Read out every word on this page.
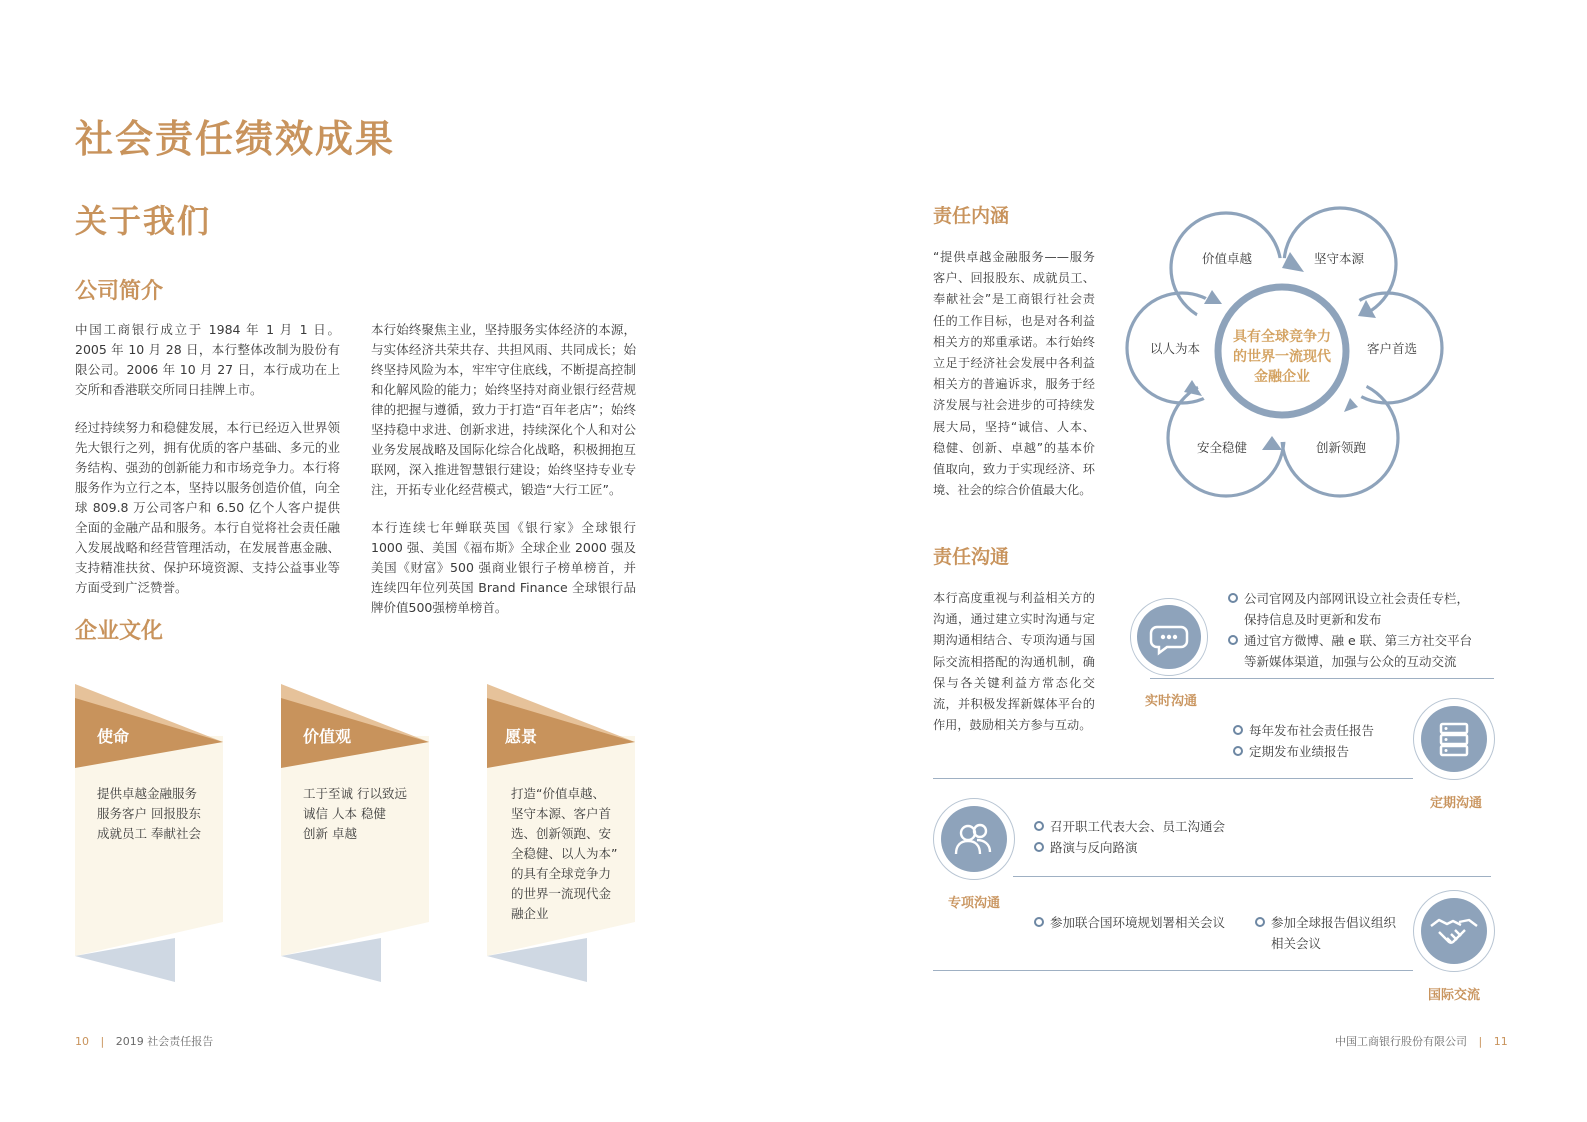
社会责任绩效成果
关于我们
公司简介

中国工商银行成立于 1984 年 1 月 1 日。2005 年 10 月 28 日，本行整体改制为股份有限公司。2006 年 10 月 27 日，本行成功在上交所和香港联交所同日挂牌上市。

经过持续努力和稳健发展，本行已经迈入世界领先大银行之列，拥有优质的客户基础、多元的业务结构、强劲的创新能力和市场竞争力。本行将服务作为立行之本，坚持以服务创造价值，向全球 809.8 万公司客户和 6.50 亿个人客户提供全面的金融产品和服务。本行自觉将社会责任融入发展战略和经营管理活动，在发展普惠金融、支持精准扶贫、保护环境资源、支持公益事业等方面受到广泛赞誉。

本行始终聚焦主业，坚持服务实体经济的本源，与实体经济共荣共存、共担风雨、共同成长；始终坚持风险为本，牢牢守住底线，不断提高控制和化解风险的能力；始终坚持对商业银行经营规律的把握与遵循，致力于打造“百年老店”；始终坚持稳中求进、创新求进，持续深化个人和对公业务发展战略及国际化综合化战略，积极拥抱互联网，深入推进智慧银行建设；始终坚持专业专注，开拓专业化经营模式，锻造“大行工匠”。

本行连续七年蝉联英国《银行家》全球银行 1000 强、美国《福布斯》全球企业 2000 强及美国《财富》500 强商业银行子榜单榜首，并连续四年位列英国 Brand Finance 全球银行品牌价值500强榜单榜首。

企业文化
使命
提供卓越金融服务
服务客户 回报股东
成就员工 奉献社会
价值观
工于至诚 行以致远
诚信 人本 稳健
创新 卓越
愿景
打造“价值卓越、
坚守本源、客户首
选、创新领跑、安
全稳健、以人为本”
的具有全球竞争力
的世界一流现代金
融企业
10 | 2019 社会责任报告
责任内涵
“提供卓越金融服务——服务客户、回报股东、成就员工、奉献社会”是工商银行社会责任的工作目标，也是对各利益相关方的郑重承诺。本行始终立足于经济社会发展中各利益相关方的普遍诉求，服务于经济发展与社会进步的可持续发展大局，坚持“诚信、人本、稳健、创新、卓越”的基本价值取向，致力于实现经济、环境、社会的综合价值最大化。
价值卓越	坚守本源
客户首选
创新领跑
安全稳健
以人为本
具有全球竞争力
的世界一流现代
金融企业
责任沟通
本行高度重视与利益相关方的沟通，通过建立实时沟通与定期沟通相结合、专项沟通与国际交流相搭配的沟通机制，确保与各关键利益方常态化交流，并积极发挥新媒体平台的作用，鼓励相关方参与互动。
实时沟通
公司官网及内部网讯设立社会责任专栏，保持信息及时更新和发布
通过官方微博、融 e 联、第三方社交平台等新媒体渠道，加强与公众的互动交流
每年发布社会责任报告
定期发布业绩报告
定期沟通
召开职工代表大会、员工沟通会
路演与反向路演
专项沟通
参加联合国环境规划署相关会议	参加全球报告倡议组织相关会议
国际交流
中国工商银行股份有限公司 | 11
